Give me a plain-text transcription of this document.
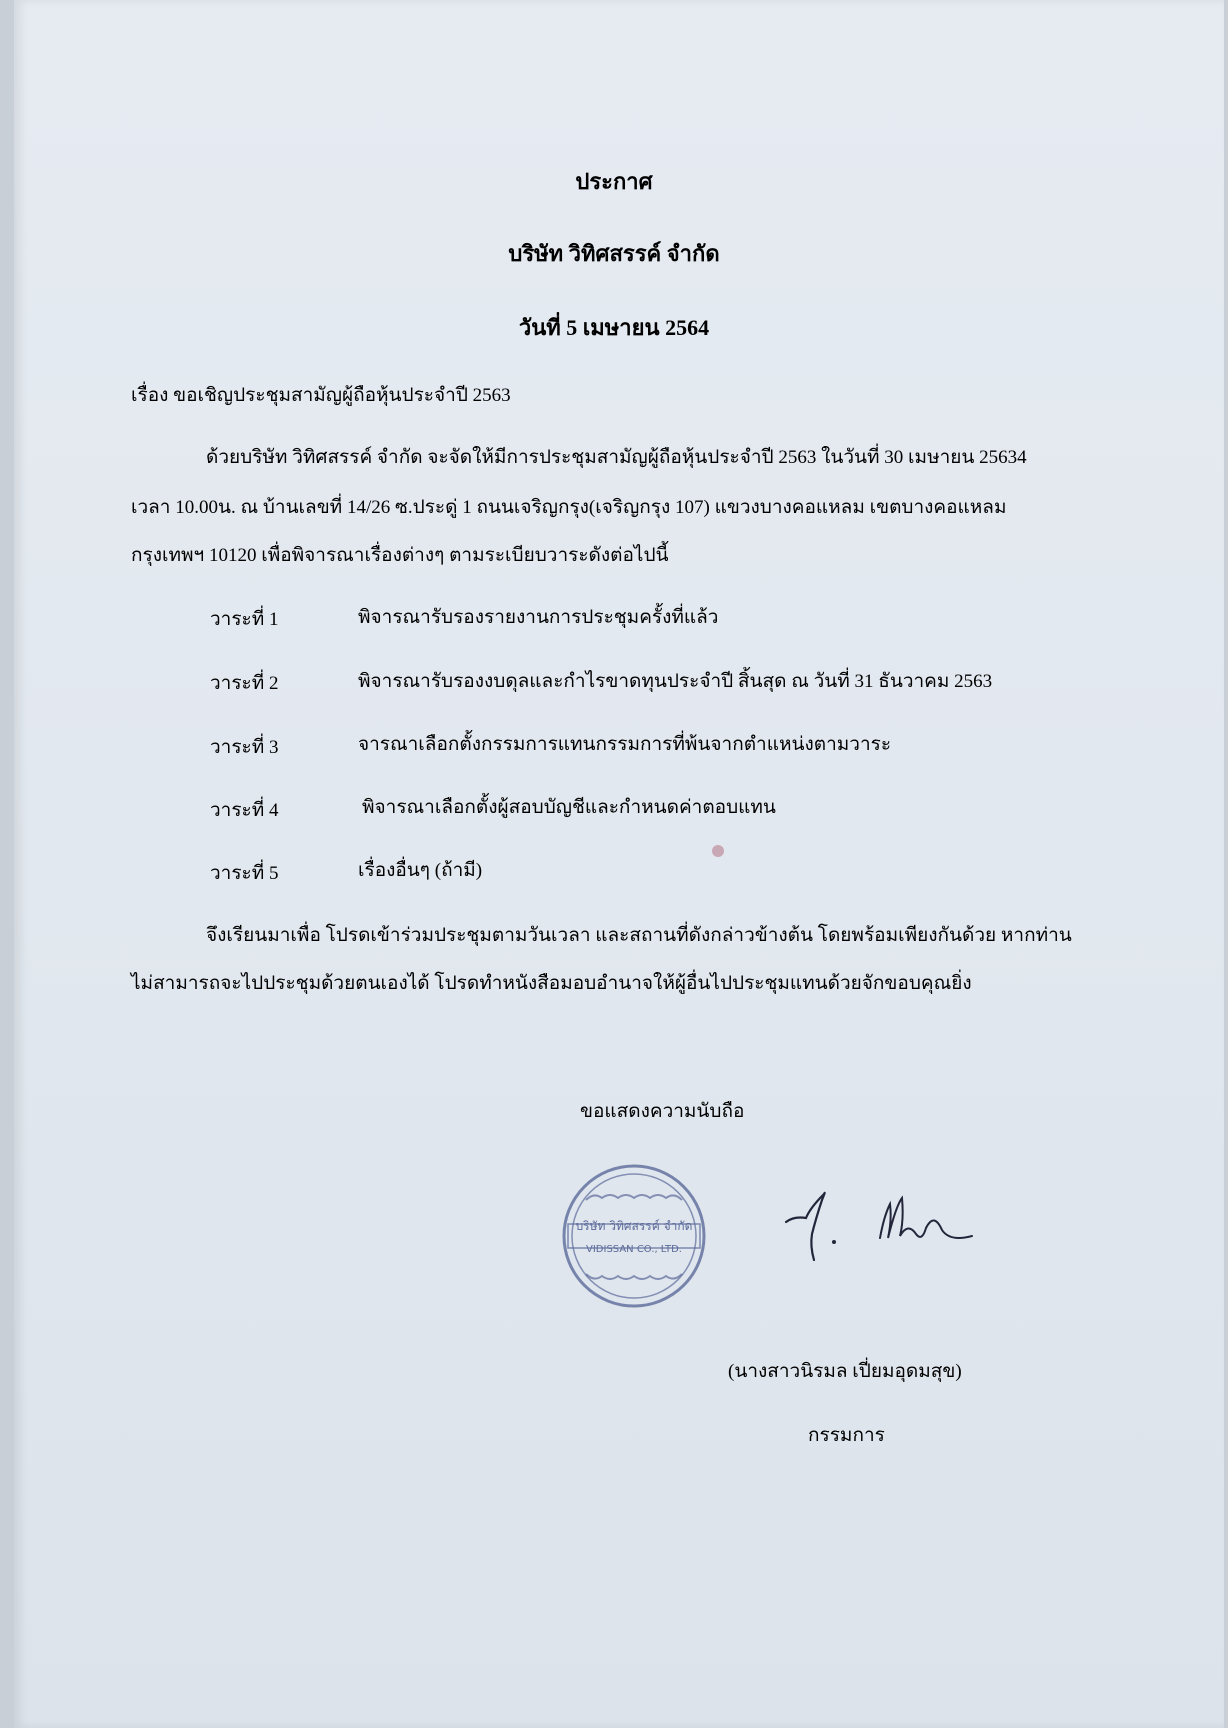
ประกาศ
บริษัท วิทิศสรรค์ จำกัด
วันที่ 5 เมษายน 2564
เรื่อง ขอเชิญประชุมสามัญผู้ถือหุ้นประจำปี 2563
ด้วยบริษัท วิทิศสรรค์ จำกัด จะจัดให้มีการประชุมสามัญผู้ถือหุ้นประจำปี 2563 ในวันที่ 30 เมษายน 25634
เวลา 10.00น. ณ บ้านเลขที่ 14/26 ซ.ประดู่ 1 ถนนเจริญกรุง(เจริญกรุง 107) แขวงบางคอแหลม เขตบางคอแหลม
กรุงเทพฯ 10120 เพื่อพิจารณาเรื่องต่างๆ ตามระเบียบวาระดังต่อไปนี้
วาระที่ 1	พิจารณารับรองรายงานการประชุมครั้งที่แล้ว
วาระที่ 2	พิจารณารับรองงบดุลและกำไรขาดทุนประจำปี สิ้นสุด ณ วันที่ 31 ธันวาคม 2563
วาระที่ 3	จารณาเลือกตั้งกรรมการแทนกรรมการที่พ้นจากตำแหน่งตามวาระ
วาระที่ 4	พิจารณาเลือกตั้งผู้สอบบัญชีและกำหนดค่าตอบแทน
วาระที่ 5	เรื่องอื่นๆ (ถ้ามี)
จึงเรียนมาเพื่อ โปรดเข้าร่วมประชุมตามวันเวลา และสถานที่ดังกล่าวข้างต้น โดยพร้อมเพียงกันด้วย หากท่าน
ไม่สามารถจะไปประชุมด้วยตนเองได้ โปรดทำหนังสือมอบอำนาจให้ผู้อื่นไปประชุมแทนด้วยจักขอบคุณยิ่ง
ขอแสดงความนับถือ
บริษัท วิทิศสรรค์ จำกัด
VIDISSAN CO., LTD.
(นางสาวนิรมล เปี่ยมอุดมสุข)
กรรมการ
